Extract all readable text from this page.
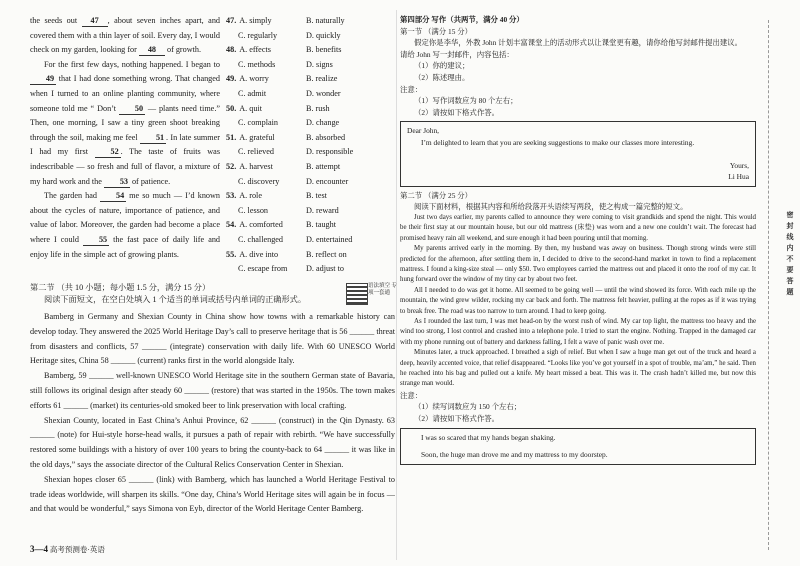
密 封 线 内 不 要 答 题

the seeds out 47 , about seven inches apart, and covered them with a thin layer of soil. Every day, I would check on my garden, looking for 48 of growth.

For the first few days, nothing happened. I began to 49 that I had done something wrong. That changed when I turned to an online planting community, where someone told me “ Don’t 50 — plants need time.” Then, one morning, I saw a tiny green shoot breaking through the soil, making me feel 51 . In late summer I had my first	52 . The taste of fruits was indescribable — so fresh and full of flavor, a mixture of my hard work and the 53 of patience.

The garden had 54 me so much — I’d known about the cycles of nature, importance of patience, and value of labor. Moreover, the garden had become a place where I could 55 the fast pace of daily life and enjoy life in the simple act of growing plants.

47. A. simply	B. naturally
C. regularly	D. quickly
48. A. effects	B. benefits
C. methods	D. signs
49. A. worry	B. realize
C. admit	D. wonder
50. A. quit	B. rush
C. complain	D. change
51. A. grateful	B. absorbed
C. relieved	D. responsible
52. A. harvest	B. attempt
C. discovery	D. encounter
53. A. role	B. test
C. lesson	D. reward
54. A. comforted	B. taught
C. challenged	D. entertained
55. A. dive into	B. reflect on
C. escape from	D. adjust to

第二节 （共 10 小题；每小题 1.5 分，满分 15 分）

阅读下面短文，在空白处填入 1 个适当的单词或括号内单词的正确形式。

语法填空 专项一套通

Bamberg in Germany and Shexian County in China show how towns with a remarkable history can develop today. They answered the 2025 World Heritage Day’s call to preserve heritage that is 56 ______ threat from disasters and conflicts, 57 ______ (integrate) conservation with daily life. With 60 UNESCO World Heritage sites, China 58 ______ (current) ranks first in the world alongside Italy.

Bamberg, 59 ______ well-known UNESCO World Heritage site in the southern German state of Bavaria, still follows its original design after steady 60 ______ (restore) that was started in the 1950s. The town makes efforts 61 ______ (market) its centuries-old smoked beer to link preservation with local crafting.

Shexian County, located in East China’s Anhui Province, 62 ______ (construct) in the Qin Dynasty. 63 ______ (note) for Hui-style horse-head walls, it pursues a path of repair with rebirth. “We have successfully restored some buildings with a history of over 100 years to bring the county-back to 64 ______ it was like in the old days,” says the associate director of the Cultural Relics Conservation Center in Shexian.

Shexian hopes closer 65 ______ (link) with Bamberg, which has launched a World Heritage Festival to trade ideas worldwide, will sharpen its skills. “One day, China’s World Heritage sites will again be in focus — and that would be wonderful,” says Simona von Eyb, director of the World Heritage Center Bamberg.

第四部分 写作（共两节，满分 40 分）

第一节 （满分 15 分）

假定你是李华，外教 John 计划丰富课堂上的活动形式以让课堂更有趣，请你给他写封邮件提出建议。

请给 John 写一封邮件，内容包括：

（1）你的建议；

（2）陈述理由。

注意：

（1）写作词数应为 80 个左右；

（2）请按如下格式作答。

Dear John,

I’m delighted to learn that you are seeking suggestions to make our classes more interesting.

Yours,

Li Hua

第二节 （满分 25 分）

阅读下面材料，根据其内容和所给段落开头语续写两段，使之构成一篇完整的短文。

Just two days earlier, my parents called to announce they were coming to visit grandkids and spend the night. This would be their first stay at our mountain house, but our old mattress (床垫) was worn and a new one couldn’t wait. The forecast had promised heavy rain all weekend, and sure enough it had been pouring until that morning.

My parents arrived early in the morning. By then, my husband was away on business. Though strong winds were still predicted for the afternoon, after settling them in, I decided to drive to the second-hand market in town to find a replacement mattress. I found a king-size steal — only $50. Two employees carried the mattress out and placed it onto the roof of my car. It hung forward over the window of my tiny car by about two feet.

All I needed to do was get it home. All seemed to be going well — until the wind showed its force. With each mile up the mountain, the wind grew wilder, rocking my car back and forth. The mattress felt heavier, pulling at the ropes as if it was trying to break free. The road was too narrow to turn around. I had to keep going.

As I rounded the last turn, I was met head-on by the worst rush of wind. My car top light, the mattress too heavy and the wind too strong, I lost control and crashed into a telephone pole. I tried to start the engine. Nothing. Trapped in the damaged car with my phone running out of battery and darkness falling, I felt a wave of panic wash over me.

Minutes later, a truck approached. I breathed a sigh of relief. But when I saw a huge man get out of the truck and heard a deep, heavily accented voice, that relief disappeared. “Looks like you’ve got yourself in a spot of trouble, ma’am,” he said. Then he reached into his bag and pulled out a knife. My heart missed a beat. This was it. The crash hadn’t killed me, but now this strange man would.

注意：

（1）续写词数应为 150 个左右；

（2）请按如下格式作答。

I was so scared that my hands began shaking.

Soon, the huge man drove me and my mattress to my doorstep.

3—4 高考预测卷·英语
